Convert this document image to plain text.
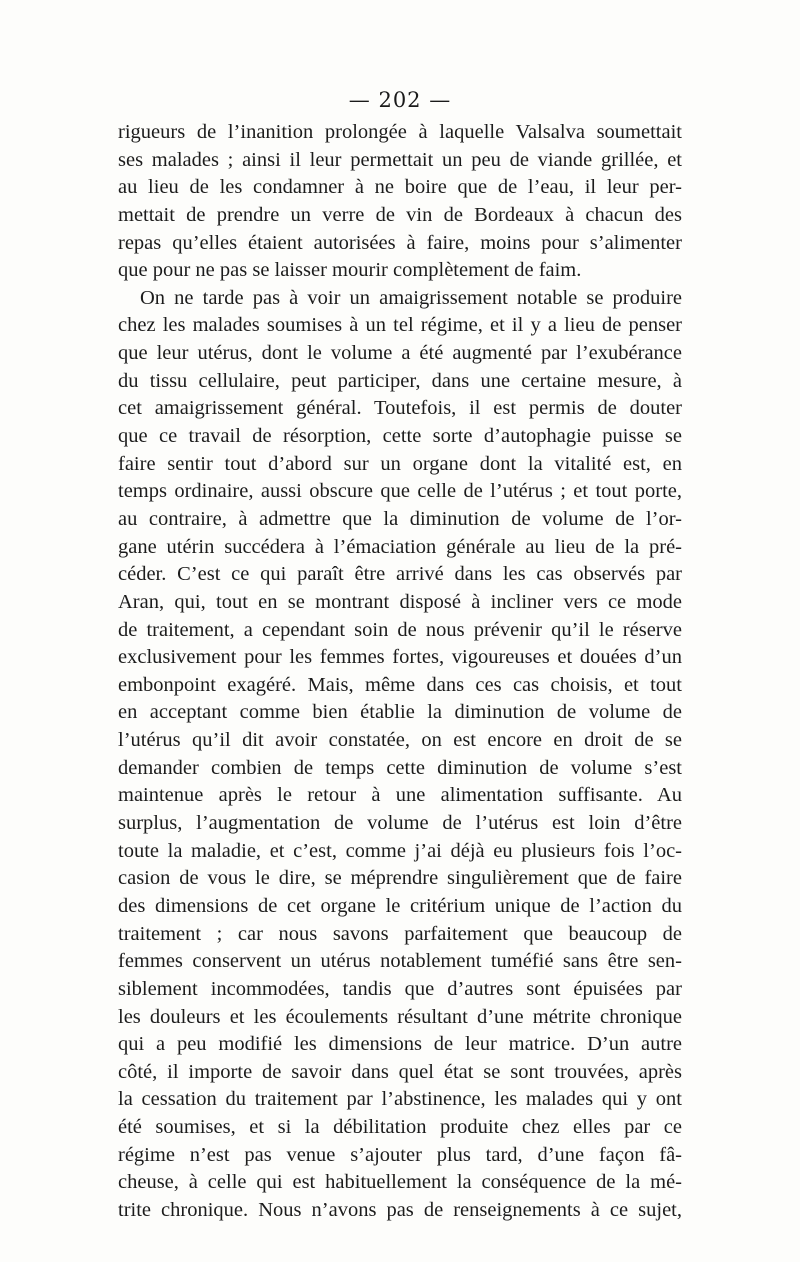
— 202 —
rigueurs de l’inanition prolongée à laquelle Valsalva soumettait
ses malades ; ainsi il leur permettait un peu de viande grillée, et
au lieu de les condamner à ne boire que de l’eau, il leur per-
mettait de prendre un verre de vin de Bordeaux à chacun des
repas qu’elles étaient autorisées à faire, moins pour s’alimenter
que pour ne pas se laisser mourir complètement de faim.
On ne tarde pas à voir un amaigrissement notable se produire
chez les malades soumises à un tel régime, et il y a lieu de penser
que leur utérus, dont le volume a été augmenté par l’exubérance
du tissu cellulaire, peut participer, dans une certaine mesure, à
cet amaigrissement général. Toutefois, il est permis de douter
que ce travail de résorption, cette sorte d’autophagie puisse se
faire sentir tout d’abord sur un organe dont la vitalité est, en
temps ordinaire, aussi obscure que celle de l’utérus ; et tout porte,
au contraire, à admettre que la diminution de volume de l’or-
gane utérin succédera à l’émaciation générale au lieu de la pré-
céder. C’est ce qui paraît être arrivé dans les cas observés par
Aran, qui, tout en se montrant disposé à incliner vers ce mode
de traitement, a cependant soin de nous prévenir qu’il le réserve
exclusivement pour les femmes fortes, vigoureuses et douées d’un
embonpoint exagéré. Mais, même dans ces cas choisis, et tout
en acceptant comme bien établie la diminution de volume de
l’utérus qu’il dit avoir constatée, on est encore en droit de se
demander combien de temps cette diminution de volume s’est
maintenue après le retour à une alimentation suffisante. Au
surplus, l’augmentation de volume de l’utérus est loin d’être
toute la maladie, et c’est, comme j’ai déjà eu plusieurs fois l’oc-
casion de vous le dire, se méprendre singulièrement que de faire
des dimensions de cet organe le critérium unique de l’action du
traitement ; car nous savons parfaitement que beaucoup de
femmes conservent un utérus notablement tuméfié sans être sen-
siblement incommodées, tandis que d’autres sont épuisées par
les douleurs et les écoulements résultant d’une métrite chronique
qui a peu modifié les dimensions de leur matrice. D’un autre
côté, il importe de savoir dans quel état se sont trouvées, après
la cessation du traitement par l’abstinence, les malades qui y ont
été soumises, et si la débilitation produite chez elles par ce
régime n’est pas venue s’ajouter plus tard, d’une façon fâ-
cheuse, à celle qui est habituellement la conséquence de la mé-
trite chronique. Nous n’avons pas de renseignements à ce sujet,
